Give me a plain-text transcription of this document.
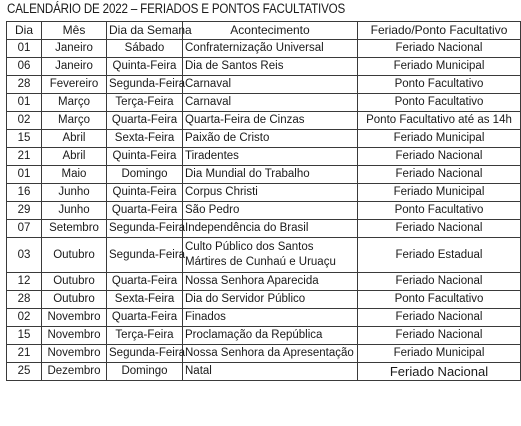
CALENDÁRIO DE 2022 – FERIADOS E PONTOS FACULTATIVOS
Dia	Mês	Dia da Semana	Acontecimento	Feriado/Ponto Facultativo
01	Janeiro	Sábado	Confraternização Universal	Feriado Nacional
06	Janeiro	Quinta-Feira	Dia de Santos Reis	Feriado Municipal
28	Fevereiro	Segunda-Feira	Carnaval	Ponto Facultativo
01	Março	Terça-Feira	Carnaval	Ponto Facultativo
02	Março	Quarta-Feira	Quarta-Feira de Cinzas	Ponto Facultativo até as 14h
15	Abril	Sexta-Feira	Paixão de Cristo	Feriado Municipal
21	Abril	Quinta-Feira	Tiradentes	Feriado Nacional
01	Maio	Domingo	Dia Mundial do Trabalho	Feriado Nacional
16	Junho	Quinta-Feira	Corpus Christi	Feriado Municipal
29	Junho	Quarta-Feira	São Pedro	Ponto Facultativo
07	Setembro	Segunda-Feira	Independência do Brasil	Feriado Nacional
03	Outubro	Segunda-Feira	Culto Público dos Santos Mártires de Cunhaú e Uruaçu	Feriado Estadual
12	Outubro	Quarta-Feira	Nossa Senhora Aparecida	Feriado Nacional
28	Outubro	Sexta-Feira	Dia do Servidor Público	Ponto Facultativo
02	Novembro	Quarta-Feira	Finados	Feriado Nacional
15	Novembro	Terça-Feira	Proclamação da República	Feriado Nacional
21	Novembro	Segunda-Feira	Nossa Senhora da Apresentação	Feriado Municipal
25	Dezembro	Domingo	Natal	Feriado Nacional
